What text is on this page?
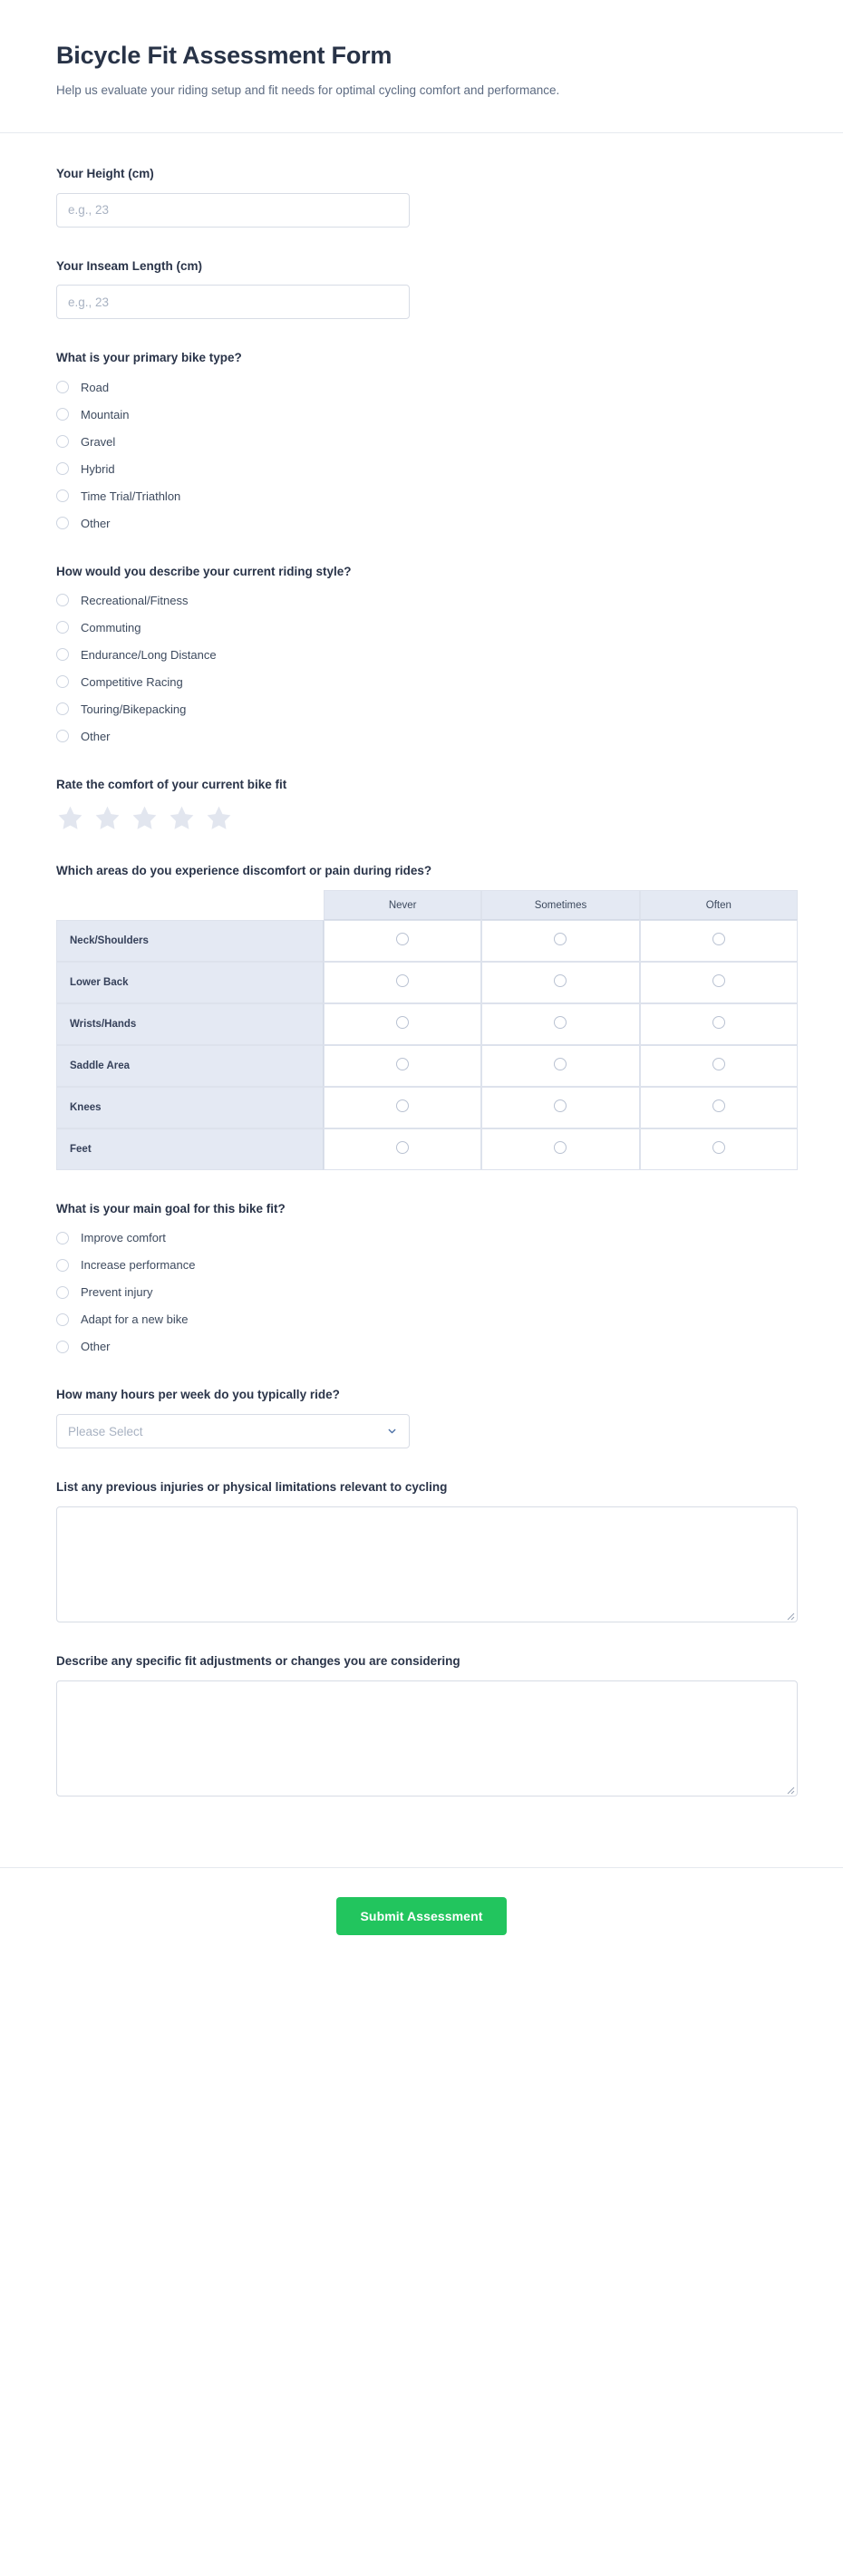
Bicycle Fit Assessment Form

Help us evaluate your riding setup and fit needs for optimal cycling comfort and performance.

Your Height (cm)
e.g., 23
Your Inseam Length (cm)
e.g., 23
What is your primary bike type?
Road
Mountain
Gravel
Hybrid
Time Trial/Triathlon
Other
How would you describe your current riding style?
Recreational/Fitness
Commuting
Endurance/Long Distance
Competitive Racing
Touring/Bikepacking
Other
Rate the comfort of your current bike fit
Which areas do you experience discomfort or pain during rides?
	Never	Sometimes	Often
Neck/Shoulders			
Lower Back			
Wrists/Hands			
Saddle Area			
Knees			
Feet			
What is your main goal for this bike fit?
Improve comfort
Increase performance
Prevent injury
Adapt for a new bike
Other
How many hours per week do you typically ride?
Please Select
List any previous injuries or physical limitations relevant to cycling
Describe any specific fit adjustments or changes you are considering
Submit Assessment
